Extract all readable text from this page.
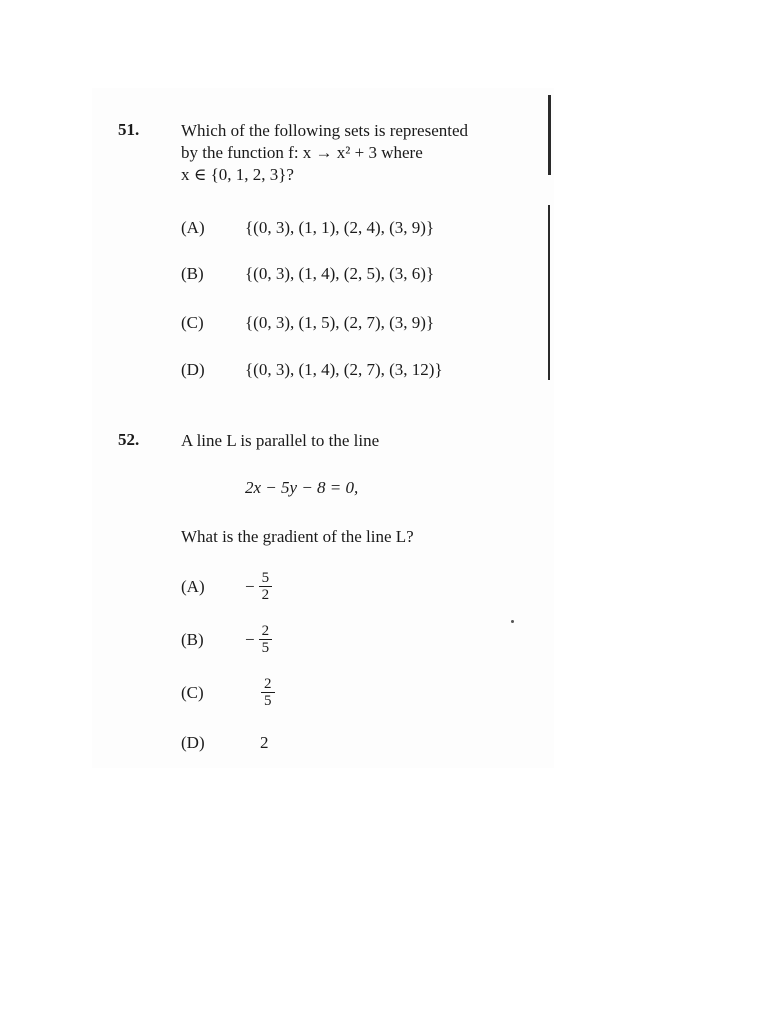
51. Which of the following sets is represented
by the function f: x → x² + 3 where
x ∈ {0, 1, 2, 3}?
(A) {(0, 3), (1, 1), (2, 4), (3, 9)}
(B) {(0, 3), (1, 4), (2, 5), (3, 6)}
(C) {(0, 3), (1, 5), (2, 7), (3, 9)}
(D) {(0, 3), (1, 4), (2, 7), (3, 12)}
52. A line L is parallel to the line
2x − 5y − 8 = 0,
What is the gradient of the line L?
$(A) - \frac{5}{2}$
$(B) - \frac{2}{5}$
(C)	$\frac{2}{5}$
(D)	2
